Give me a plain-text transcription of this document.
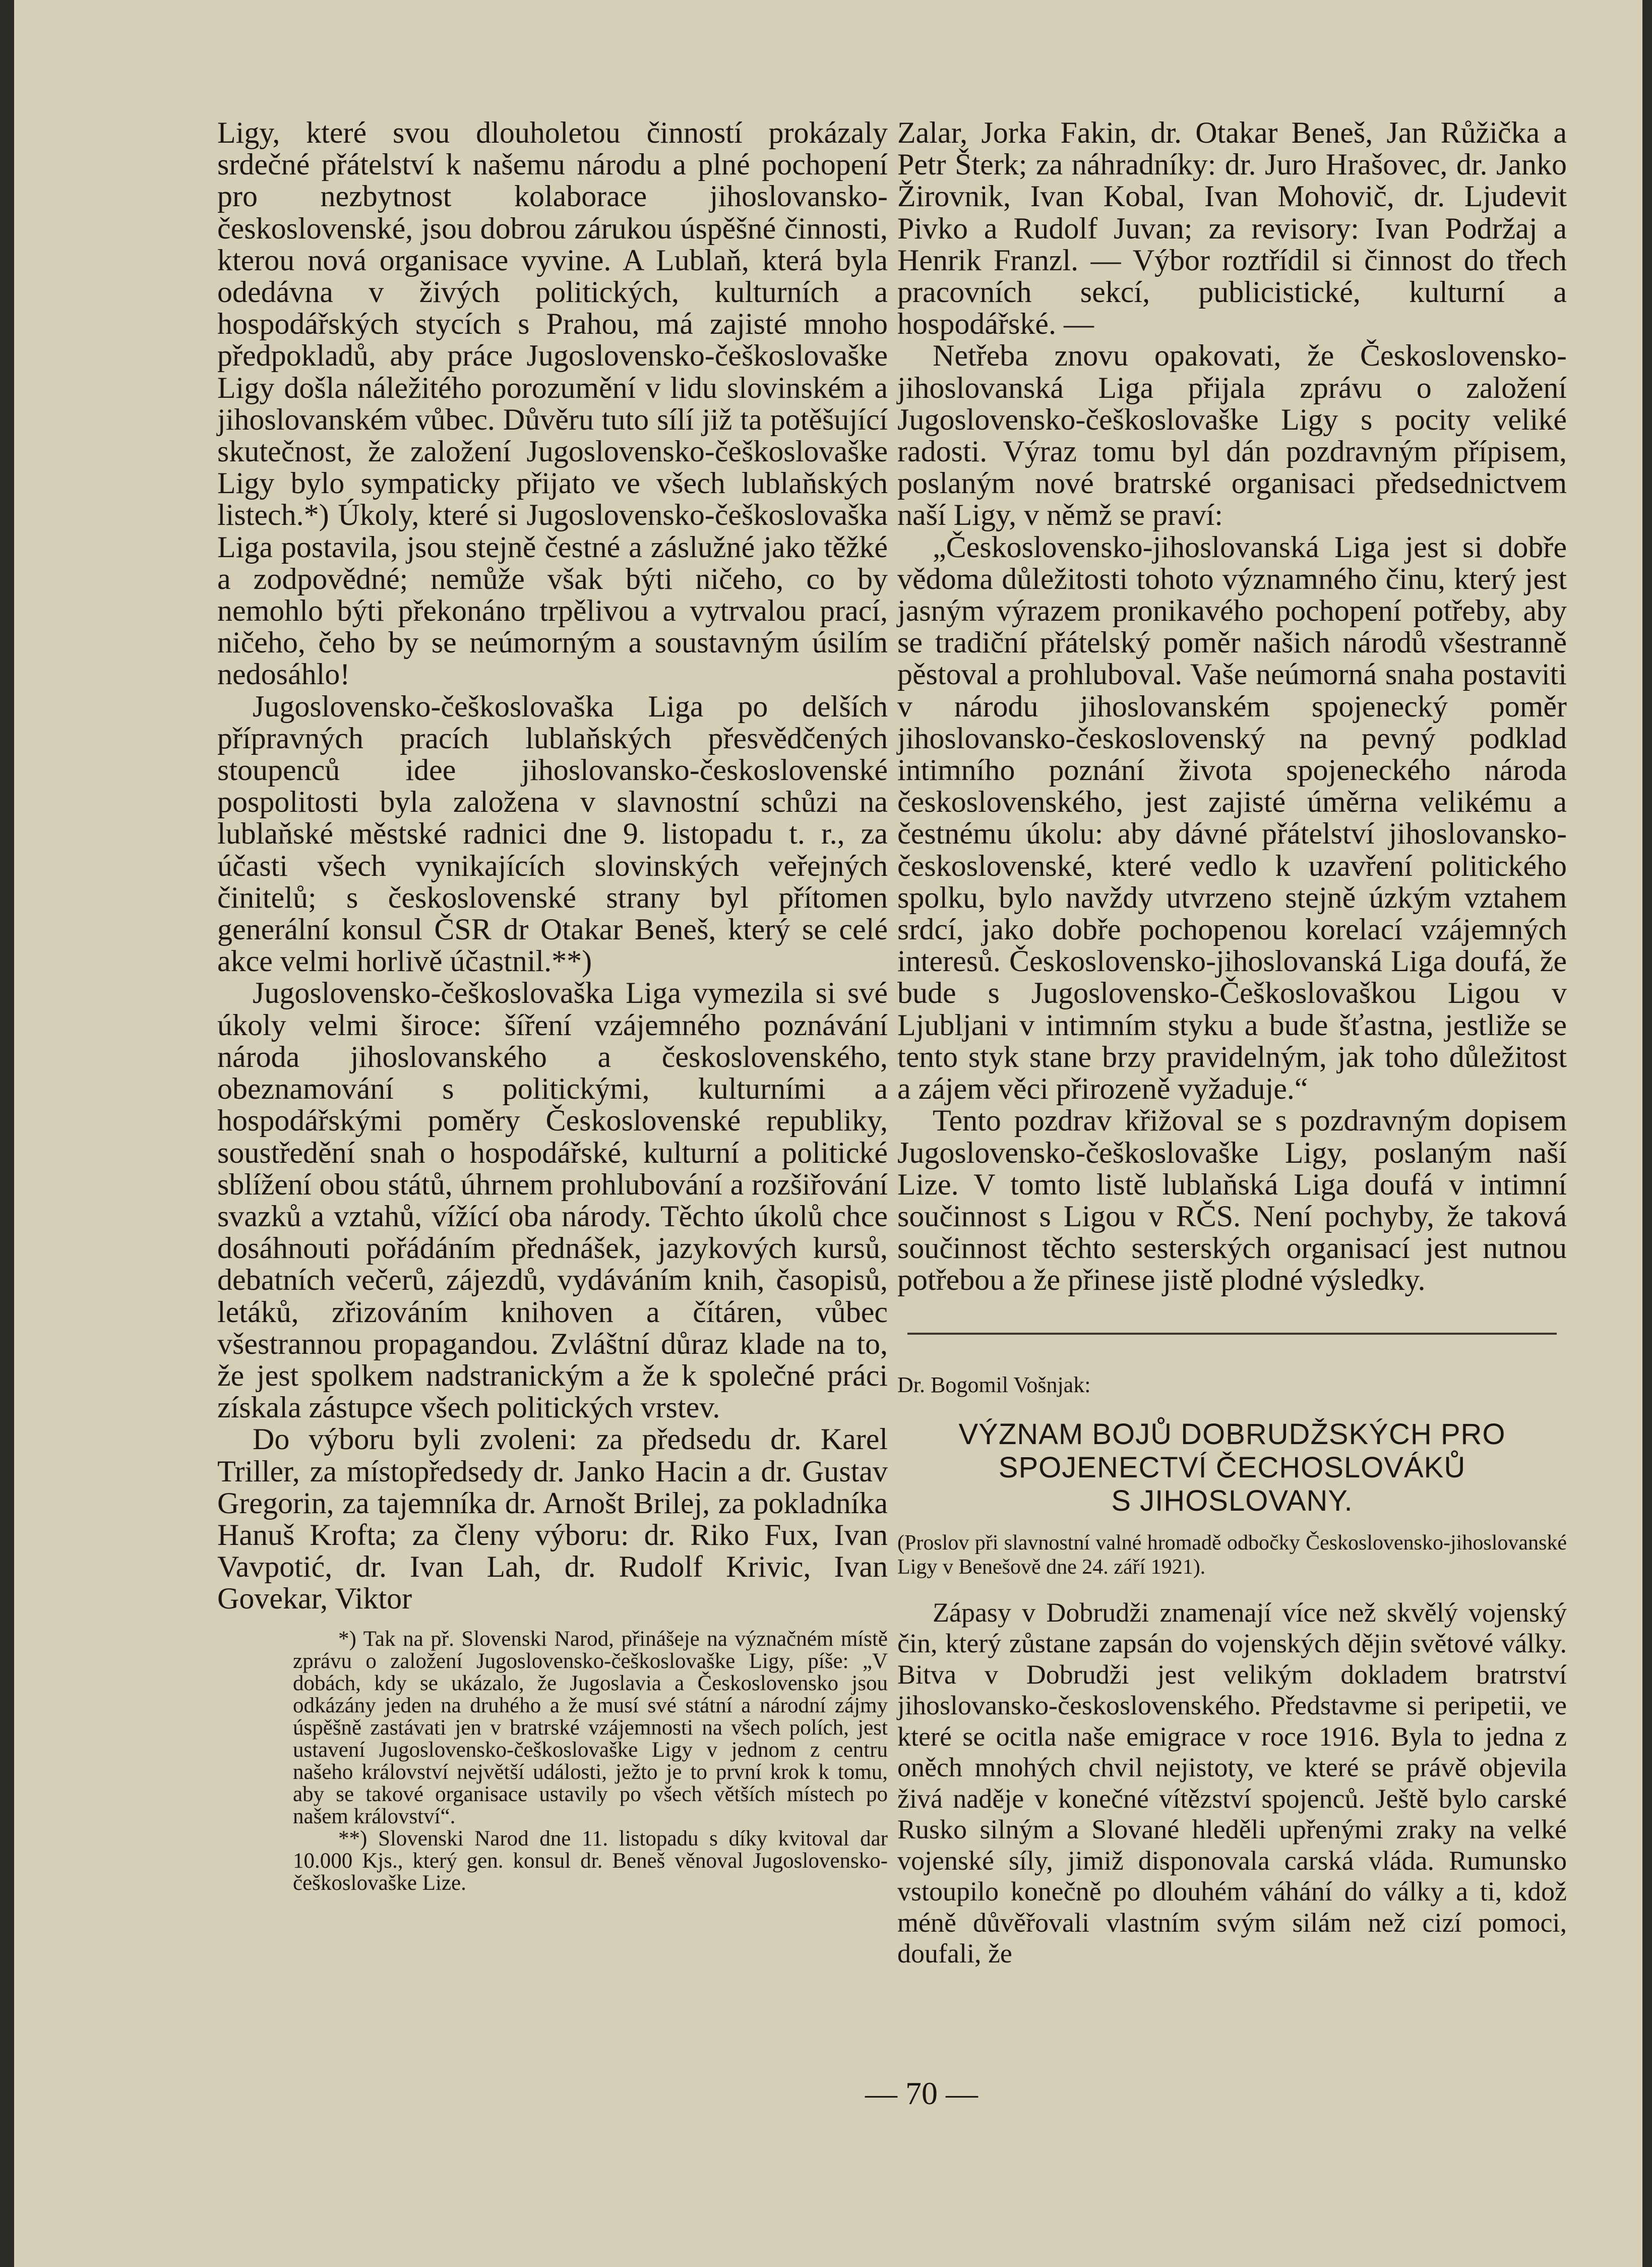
Ligy, které svou dlouholetou činností prokázaly srdečné přátelství k našemu národu a plné pochopení pro nezbytnost kolaborace jihoslovansko-československé, jsou dobrou zárukou úspěšné činnosti, kterou nová organisace vyvine. A Lublaň, která byla odedávna v živých politických, kulturních a hospodářských stycích s Prahou, má zajisté mnoho předpokladů, aby práce Jugoslovensko-češkoslovaške Ligy došla náležitého porozumění v lidu slovinském a jihoslovanském vůbec. Důvěru tuto sílí již ta potěšující skutečnost, že založení Jugoslovensko-češkoslovaške Ligy bylo sympaticky přijato ve všech lublaňských listech.*) Úkoly, které si Jugoslovensko-češkoslovaška Liga postavila, jsou stejně čestné a záslužné jako těžké a zodpovědné; nemůže však býti ničeho, co by nemohlo býti překonáno trpělivou a vytrvalou prací, ničeho, čeho by se neúmorným a soustavným úsilím nedosáhlo!

Jugoslovensko-češkoslovaška Liga po delších přípravných pracích lublaňských přesvědčených stoupenců idee jihoslovansko-československé pospolitosti byla založena v slavnostní schůzi na lublaňské městské radnici dne 9. listopadu t. r., za účasti všech vynikajících slovinských veřejných činitelů; s československé strany byl přítomen generální konsul ČSR dr Otakar Beneš, který se celé akce velmi horlivě účastnil.**)

Jugoslovensko-češkoslovaška Liga vymezila si své úkoly velmi široce: šíření vzájemného poznávání národa jihoslovanského a československého, obeznamování s politickými, kulturními a hospodářskými poměry Československé republiky, soustředění snah o hospodářské, kulturní a politické sblížení obou států, úhrnem prohlubování a rozšiřování svazků a vztahů, vížící oba národy. Těchto úkolů chce dosáhnouti pořádáním přednášek, jazykových kursů, debatních večerů, zájezdů, vydáváním knih, časopisů, letáků, zřizováním knihoven a čítáren, vůbec všestrannou propagandou. Zvláštní důraz klade na to, že jest spolkem nadstranickým a že k společné práci získala zástupce všech politických vrstev.

Do výboru byli zvoleni: za předsedu dr. Karel Triller, za místopředsedy dr. Janko Hacin a dr. Gustav Gregorin, za tajemníka dr. Arnošt Brilej, za pokladníka Hanuš Krofta; za členy výboru: dr. Riko Fux, Ivan Vavpotić, dr. Ivan Lah, dr. Rudolf Krivic, Ivan Govekar, Viktor

*) Tak na př. Slovenski Narod, přinášeje na význačném místě zprávu o založení Jugoslovensko-češkoslovaške Ligy, píše: „V dobách, kdy se ukázalo, že Jugoslavia a Československo jsou odkázány jeden na druhého a že musí své státní a národní zájmy úspěšně zastávati jen v bratrské vzájemnosti na všech polích, jest ustavení Jugoslovensko-češkoslovaške Ligy v jednom z centru našeho království největší události, ježto je to první krok k tomu, aby se takové organisace ustavily po všech větších místech po našem království“.

**) Slovenski Narod dne 11. listopadu s díky kvitoval dar 10.000 Kjs., který gen. konsul dr. Beneš věnoval Jugoslovensko-češkoslovaške Lize.

Zalar, Jorka Fakin, dr. Otakar Beneš, Jan Růžička a Petr Šterk; za náhradníky: dr. Juro Hrašovec, dr. Janko Žirovnik, Ivan Kobal, Ivan Mohovič, dr. Ljudevit Pivko a Rudolf Juvan; za revisory: Ivan Podržaj a Henrik Franzl. — Výbor roztřídil si činnost do třech pracovních sekcí, publicistické, kulturní a hospodářské. —

Netřeba znovu opakovati, že Československo-jihoslovanská Liga přijala zprávu o založení Jugoslovensko-češkoslovaške Ligy s pocity veliké radosti. Výraz tomu byl dán pozdravným přípisem, poslaným nové bratrské organisaci předsednictvem naší Ligy, v němž se praví:

„Československo-jihoslovanská Liga jest si dobře vědoma důležitosti tohoto významného činu, který jest jasným výrazem pronikavého pochopení potřeby, aby se tradiční přátelský poměr našich národů všestranně pěstoval a prohluboval. Vaše neúmorná snaha postaviti v národu jihoslovanském spojenecký poměr jihoslovansko-československý na pevný podklad intimního poznání života spojeneckého národa československého, jest zajisté úměrna velikému a čestnému úkolu: aby dávné přátelství jihoslovansko-československé, které vedlo k uzavření politického spolku, bylo navždy utvrzeno stejně úzkým vztahem srdcí, jako dobře pochopenou korelací vzájemných interesů. Československo-jihoslovanská Liga doufá, že bude s Jugoslovensko-Češkoslovaškou Ligou v Ljubljani v intimním styku a bude šťastna, jestliže se tento styk stane brzy pravidelným, jak toho důležitost a zájem věci přirozeně vyžaduje.“

Tento pozdrav křižoval se s pozdravným dopisem Jugoslovensko-češkoslovaške Ligy, poslaným naší Lize. V tomto listě lublaňská Liga doufá v intimní součinnost s Ligou v RČS. Není pochyby, že taková součinnost těchto sesterských organisací jest nutnou potřebou a že přinese jistě plodné výsledky.

Dr. Bogomil Vošnjak:

VÝZNAM BOJŮ DOBRUDŽSKÝCH PRO
SPOJENECTVÍ ČECHOSLOVÁKŮ
S JIHOSLOVANY.

(Proslov při slavnostní valné hromadě odbočky Československo-jihoslovanské Ligy v Benešově dne 24. září 1921).

Zápasy v Dobrudži znamenají více než skvělý vojenský čin, který zůstane zapsán do vojenských dějin světové války. Bitva v Dobrudži jest velikým dokladem bratrství jihoslovansko-československého. Představme si peripetii, ve které se ocitla naše emigrace v roce 1916. Byla to jedna z oněch mnohých chvil nejistoty, ve které se právě objevila živá naděje v konečné vítězství spojenců. Ještě bylo carské Rusko silným a Slované hleděli upřenými zraky na velké vojenské síly, jimiž disponovala carská vláda. Rumunsko vstoupilo konečně po dlouhém váhání do války a ti, kdož méně důvěřovali vlastním svým silám než cizí pomoci, doufali, že

— 70 —
